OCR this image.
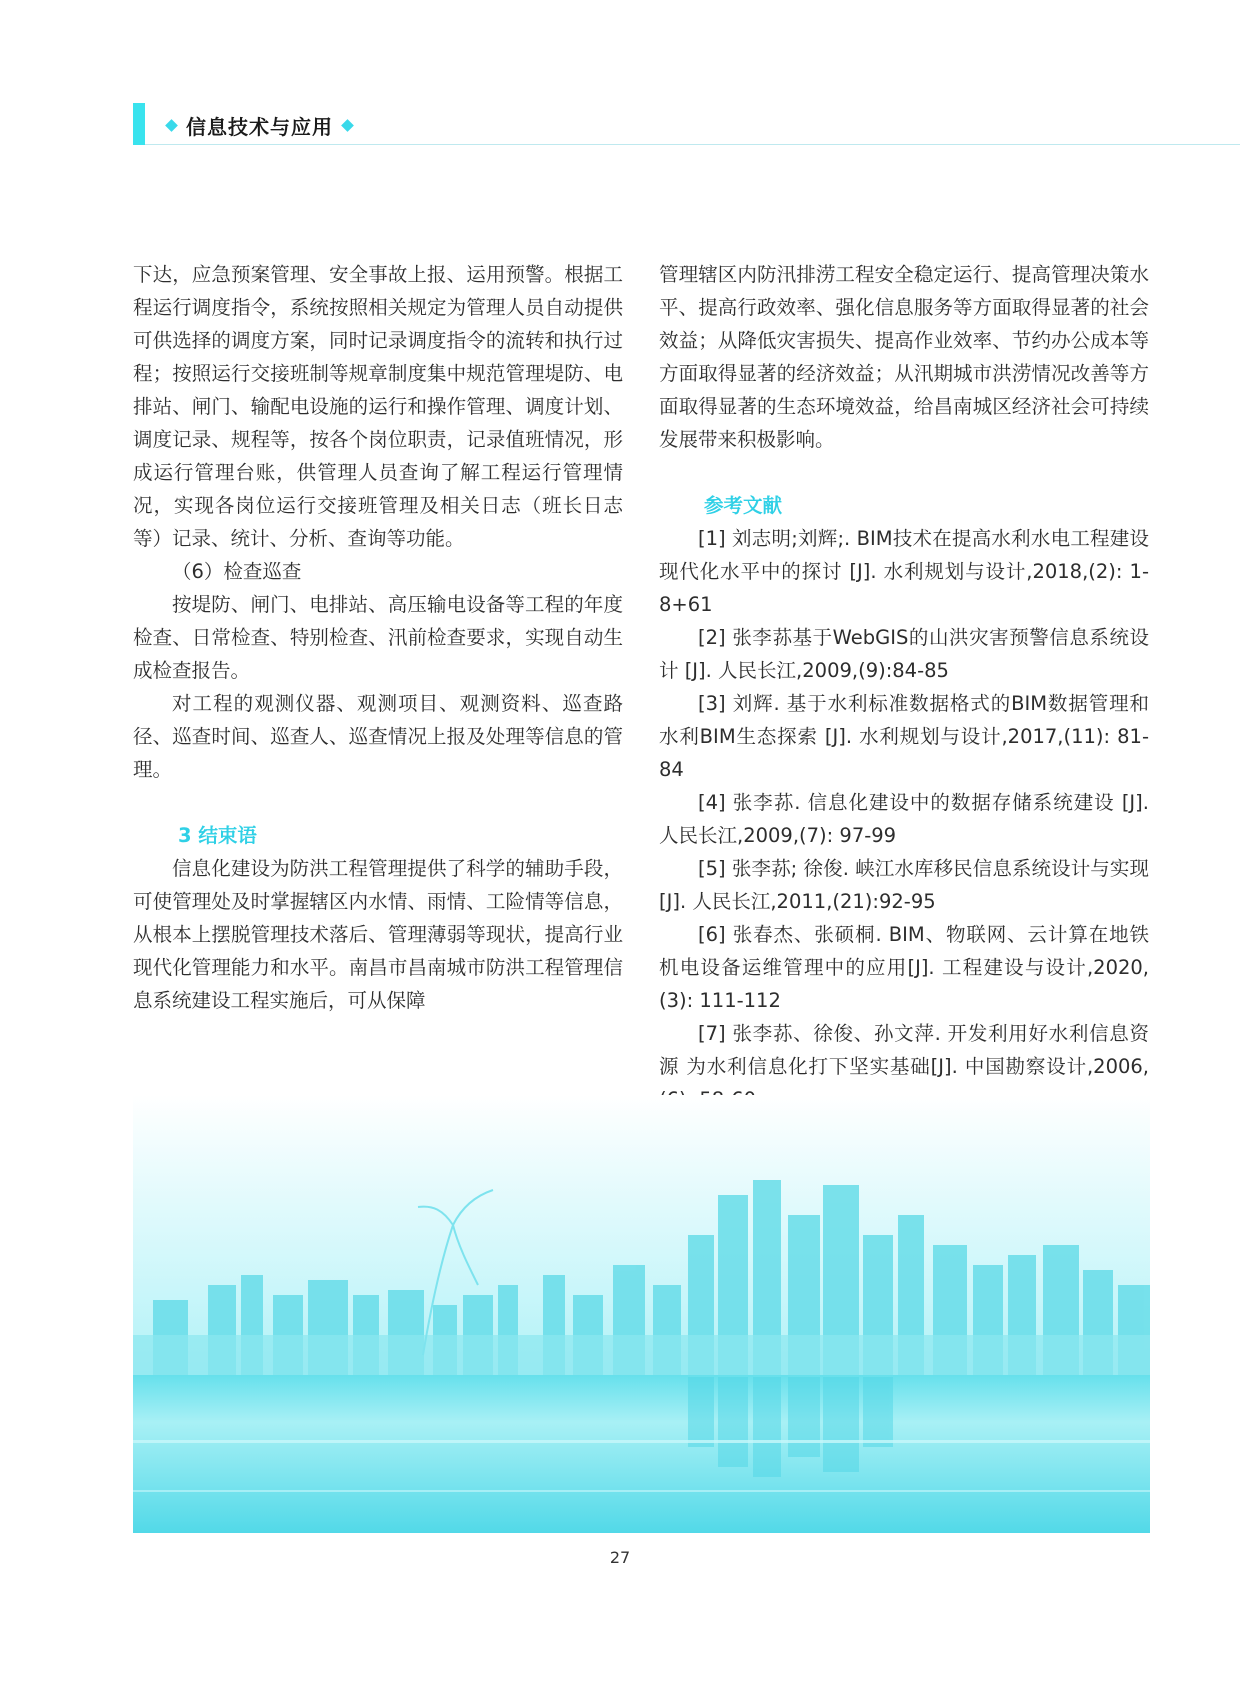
信息技术与应用

下达，应急预案管理、安全事故上报、运用预警。根据工程运行调度指令，系统按照相关规定为管理人员自动提供可供选择的调度方案，同时记录调度指令的流转和执行过程；按照运行交接班制等规章制度集中规范管理堤防、电排站、闸门、输配电设施的运行和操作管理、调度计划、调度记录、规程等，按各个岗位职责，记录值班情况，形成运行管理台账，供管理人员查询了解工程运行管理情况，实现各岗位运行交接班管理及相关日志（班长日志等）记录、统计、分析、查询等功能。

（6）检查巡查

按堤防、闸门、电排站、高压输电设备等工程的年度检查、日常检查、特别检查、汛前检查要求，实现自动生成检查报告。

对工程的观测仪器、观测项目、观测资料、巡查路径、巡查时间、巡查人、巡查情况上报及处理等信息的管理。

3 结束语

信息化建设为防洪工程管理提供了科学的辅助手段，可使管理处及时掌握辖区内水情、雨情、工险情等信息，从根本上摆脱管理技术落后、管理薄弱等现状，提高行业现代化管理能力和水平。南昌市昌南城市防洪工程管理信息系统建设工程实施后，可从保障

管理辖区内防汛排涝工程安全稳定运行、提高管理决策水平、提高行政效率、强化信息服务等方面取得显著的社会效益；从降低灾害损失、提高作业效率、节约办公成本等方面取得显著的经济效益；从汛期城市洪涝情况改善等方面取得显著的生态环境效益，给昌南城区经济社会可持续发展带来积极影响。

参考文献

[1] 刘志明;刘辉;. BIM技术在提高水利水电工程建设现代化水平中的探讨 [J]. 水利规划与设计,2018,(2): 1-8+61

[2] 张李荪基于WebGIS的山洪灾害预警信息系统设计 [J]. 人民长江,2009,(9):84-85

[3] 刘辉. 基于水利标准数据格式的BIM数据管理和水利BIM生态探索 [J]. 水利规划与设计,2017,(11): 81-84

[4] 张李荪. 信息化建设中的数据存储系统建设 [J]. 人民长江,2009,(7): 97-99

[5] 张李荪; 徐俊. 峡江水库移民信息系统设计与实现 [J]. 人民长江,2011,(21):92-95

[6] 张春杰、张硕桐. BIM、物联网、云计算在地铁机电设备运维管理中的应用[J]. 工程建设与设计,2020,(3): 111-112

[7] 张李荪、徐俊、孙文萍. 开发利用好水利信息资源 为水利信息化打下坚实基础[J]. 中国勘察设计,2006,

27
